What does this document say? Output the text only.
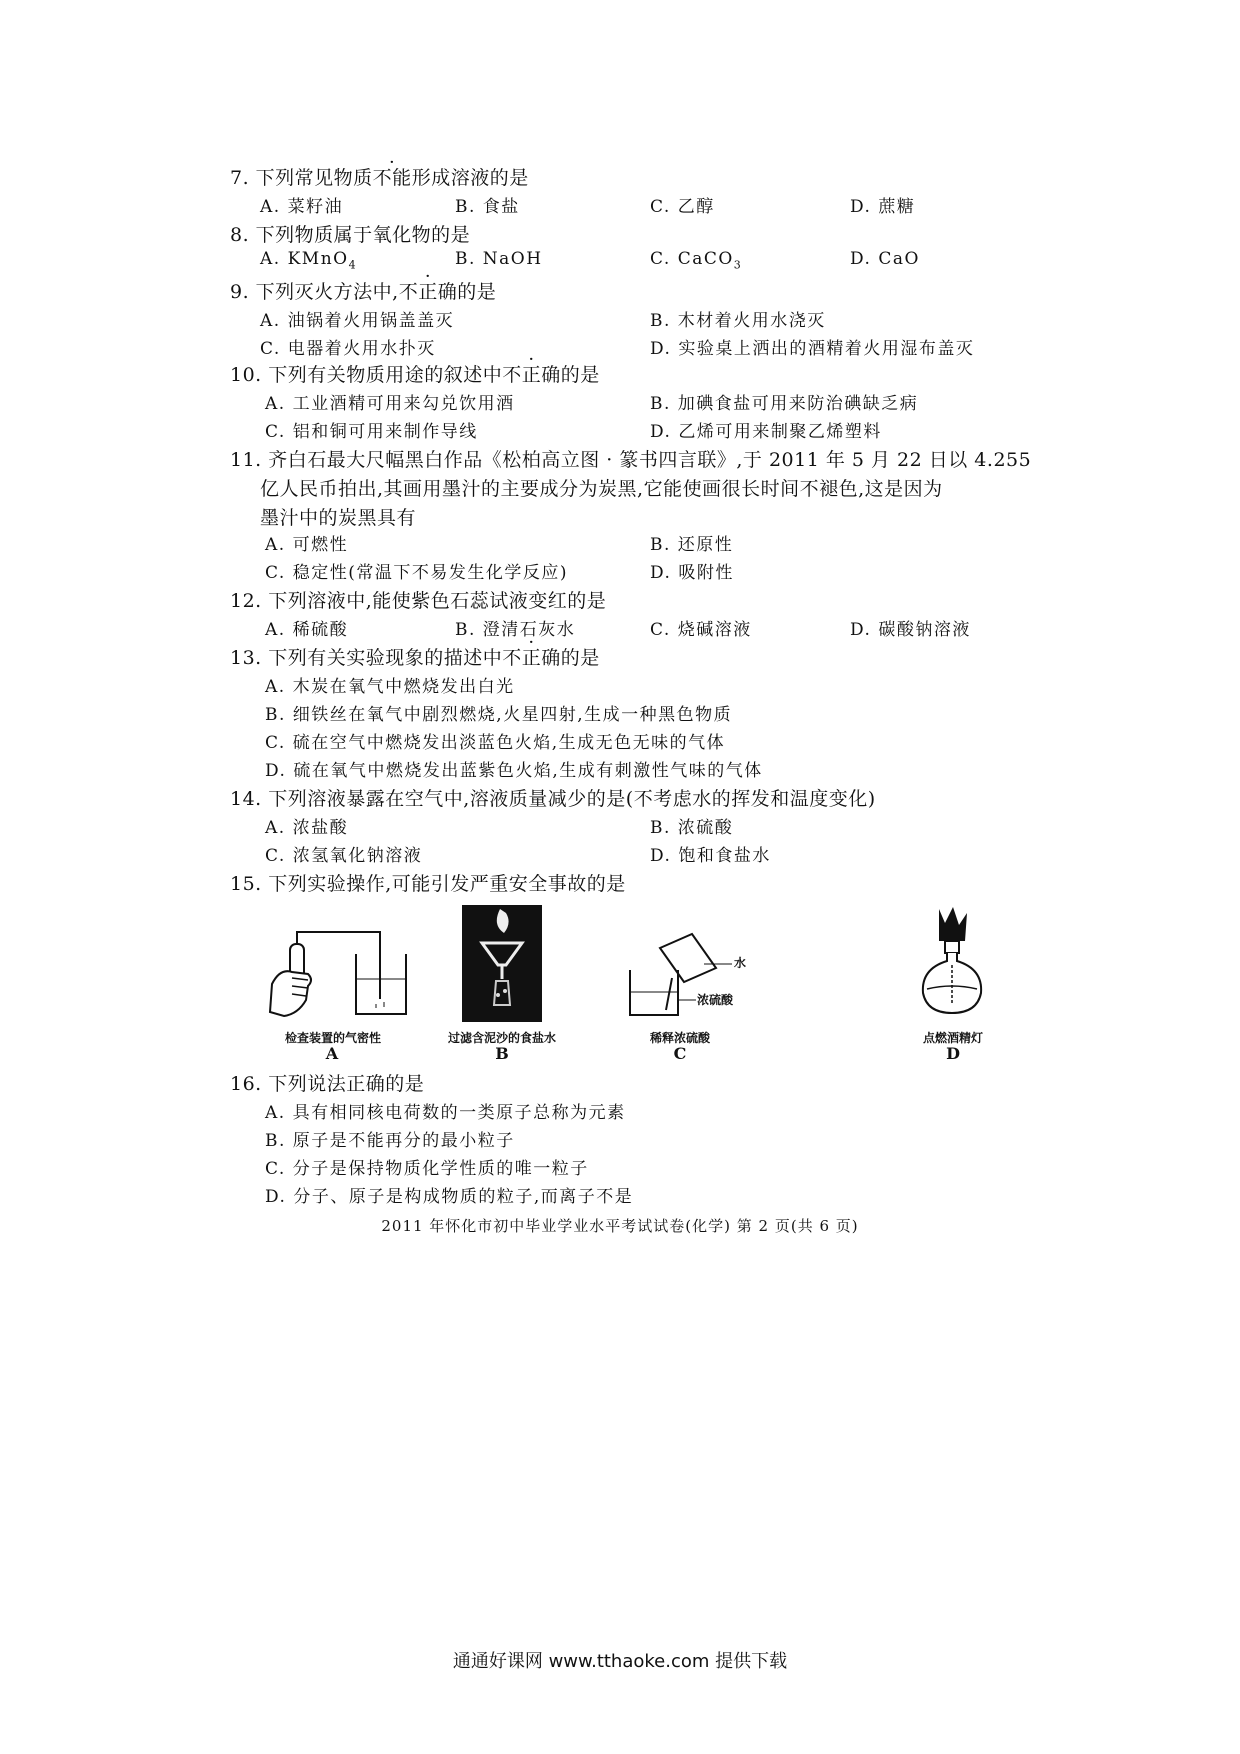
7. 下列常见物质不能形成溶液的是
A. 菜籽油	B. 食盐	C. 乙醇	D. 蔗糖
8. 下列物质属于氧化物的是
A. KMnO$_4$	B. NaOH	C. CaCO$_3$	D. CaO
9. 下列灭火方法中,不正确的是
A. 油锅着火用锅盖盖灭	B. 木材着火用水浇灭
C. 电器着火用水扑灭	D. 实验桌上洒出的酒精着火用湿布盖灭
10. 下列有关物质用途的叙述中不正确的是
A. 工业酒精可用来勾兑饮用酒	B. 加碘食盐可用来防治碘缺乏病
C. 铝和铜可用来制作导线	D. 乙烯可用来制聚乙烯塑料
11. 齐白石最大尺幅黑白作品《松柏高立图 · 篆书四言联》,于 2011 年 5 月 22 日以 4.255
亿人民币拍出,其画用墨汁的主要成分为炭黑,它能使画很长时间不褪色,这是因为
墨汁中的炭黑具有
A. 可燃性	B. 还原性
C. 稳定性(常温下不易发生化学反应)	D. 吸附性
12. 下列溶液中,能使紫色石蕊试液变红的是
A. 稀硫酸	B. 澄清石灰水	C. 烧碱溶液	D. 碳酸钠溶液
13. 下列有关实验现象的描述中不正确的是
A. 木炭在氧气中燃烧发出白光
B. 细铁丝在氧气中剧烈燃烧,火星四射,生成一种黑色物质
C. 硫在空气中燃烧发出淡蓝色火焰,生成无色无味的气体
D. 硫在氧气中燃烧发出蓝紫色火焰,生成有刺激性气味的气体
14. 下列溶液暴露在空气中,溶液质量减少的是(不考虑水的挥发和温度变化)
A. 浓盐酸	B. 浓硫酸
C. 浓氢氧化钠溶液	D. 饱和食盐水
15. 下列实验操作,可能引发严重安全事故的是
检查装置的气密性
A
过滤含泥沙的食盐水
B
水
浓硫酸
稀释浓硫酸
C
点燃酒精灯
D
16. 下列说法正确的是
A. 具有相同核电荷数的一类原子总称为元素
B. 原子是不能再分的最小粒子
C. 分子是保持物质化学性质的唯一粒子
D. 分子、原子是构成物质的粒子,而离子不是
2011 年怀化市初中毕业学业水平考试试卷(化学) 第 2 页(共 6 页)
通通好课网 www.tthaoke.com 提供下载
